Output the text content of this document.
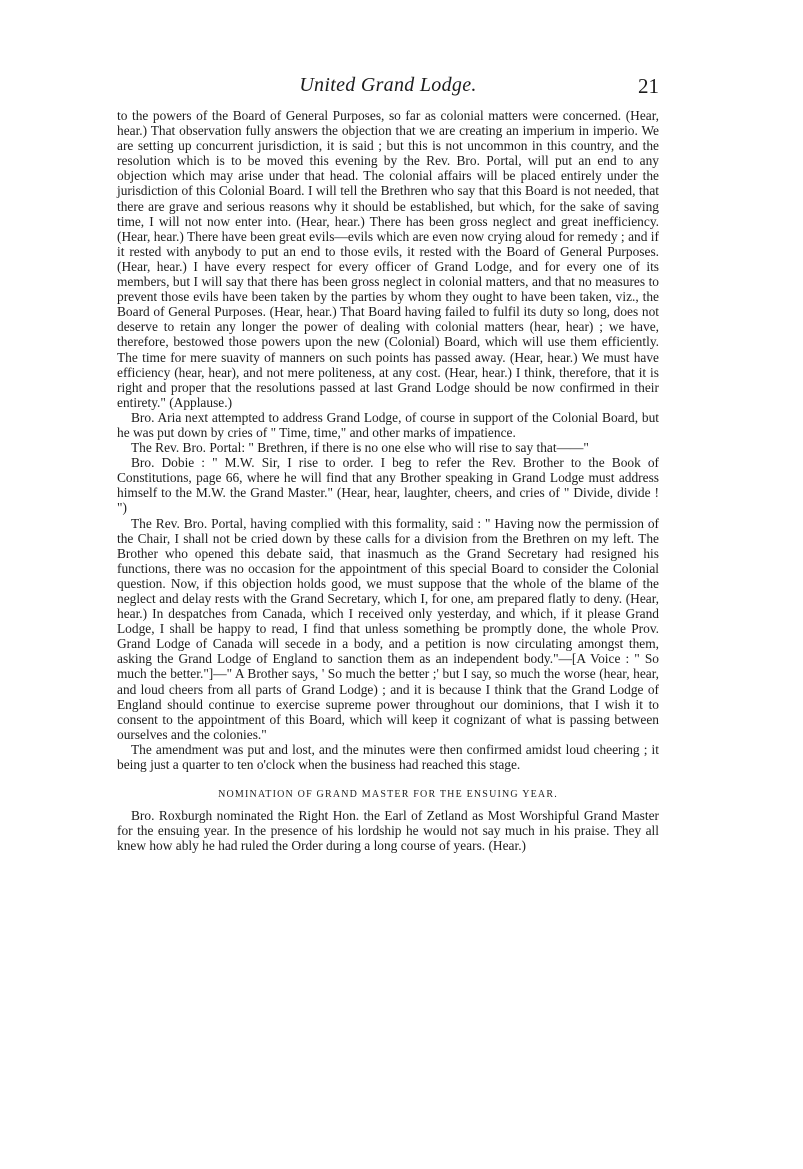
United Grand Lodge.	21

to the powers of the Board of General Purposes, so far as colonial matters were concerned. (Hear, hear.) That observation fully answers the objection that we are creating an imperium in imperio. We are setting up concurrent jurisdiction, it is said ; but this is not uncommon in this country, and the resolution which is to be moved this evening by the Rev. Bro. Portal, will put an end to any objection which may arise under that head. The colonial affairs will be placed entirely under the jurisdiction of this Colonial Board. I will tell the Brethren who say that this Board is not needed, that there are grave and serious reasons why it should be established, but which, for the sake of saving time, I will not now enter into. (Hear, hear.) There has been gross neglect and great inefficiency. (Hear, hear.) There have been great evils—evils which are even now crying aloud for remedy ; and if it rested with anybody to put an end to those evils, it rested with the Board of General Purposes. (Hear, hear.) I have every respect for every officer of Grand Lodge, and for every one of its members, but I will say that there has been gross neglect in colonial matters, and that no measures to prevent those evils have been taken by the parties by whom they ought to have been taken, viz., the Board of General Purposes. (Hear, hear.) That Board having failed to fulfil its duty so long, does not deserve to retain any longer the power of dealing with colonial matters (hear, hear) ; we have, therefore, bestowed those powers upon the new (Colonial) Board, which will use them efficiently. The time for mere suavity of manners on such points has passed away. (Hear, hear.) We must have efficiency (hear, hear), and not mere politeness, at any cost. (Hear, hear.) I think, therefore, that it is right and proper that the resolutions passed at last Grand Lodge should be now confirmed in their entirety." (Applause.)

Bro. Aria next attempted to address Grand Lodge, of course in support of the Colonial Board, but he was put down by cries of " Time, time," and other marks of impatience.

The Rev. Bro. Portal: " Brethren, if there is no one else who will rise to say that——"

Bro. Dobie : " M.W. Sir, I rise to order. I beg to refer the Rev. Brother to the Book of Constitutions, page 66, where he will find that any Brother speaking in Grand Lodge must address himself to the M.W. the Grand Master." (Hear, hear, laughter, cheers, and cries of " Divide, divide ! ")

The Rev. Bro. Portal, having complied with this formality, said : " Having now the permission of the Chair, I shall not be cried down by these calls for a division from the Brethren on my left. The Brother who opened this debate said, that inasmuch as the Grand Secretary had resigned his functions, there was no occasion for the appointment of this special Board to consider the Colonial question. Now, if this objection holds good, we must suppose that the whole of the blame of the neglect and delay rests with the Grand Secretary, which I, for one, am prepared flatly to deny. (Hear, hear.) In despatches from Canada, which I received only yesterday, and which, if it please Grand Lodge, I shall be happy to read, I find that unless something be promptly done, the whole Prov. Grand Lodge of Canada will secede in a body, and a petition is now circulating amongst them, asking the Grand Lodge of England to sanction them as an independent body."—[A Voice : " So much the better."]—" A Brother says, ' So much the better ;' but I say, so much the worse (hear, hear, and loud cheers from all parts of Grand Lodge) ; and it is because I think that the Grand Lodge of England should continue to exercise supreme power throughout our dominions, that I wish it to consent to the appointment of this Board, which will keep it cognizant of what is passing between ourselves and the colonies."

The amendment was put and lost, and the minutes were then confirmed amidst loud cheering ; it being just a quarter to ten o'clock when the business had reached this stage.

NOMINATION OF GRAND MASTER FOR THE ENSUING YEAR.

Bro. Roxburgh nominated the Right Hon. the Earl of Zetland as Most Worshipful Grand Master for the ensuing year. In the presence of his lordship he would not say much in his praise. They all knew how ably he had ruled the Order during a long course of years. (Hear.)
